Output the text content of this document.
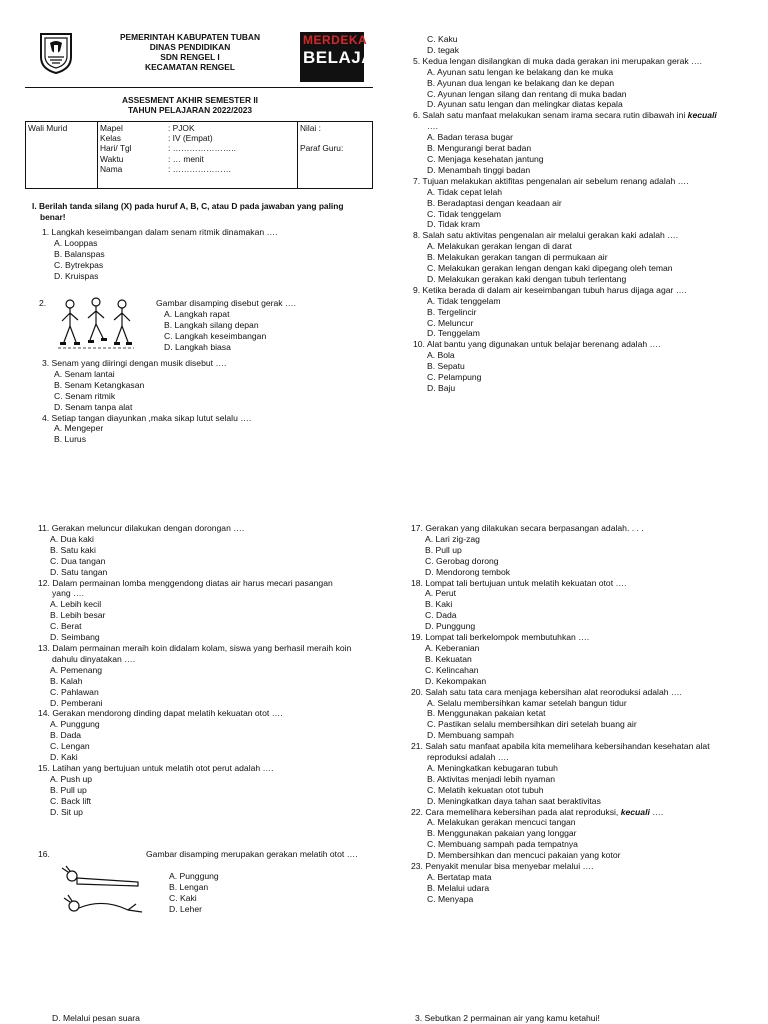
PEMERINTAH KABUPATEN TUBAN
DINAS PENDIDIKAN
SDN RENGEL I
KECAMATAN RENGEL
MERDEKA
BELAJAR
ASSESMENT AKHIR SEMESTER II
TAHUN PELAJARAN 2022/2023
Wali Murid	Mapel	: PJOK
Kelas	: IV (Empat)
Hari/ Tgl	: …………………..
Waktu	: … menit
Nama	: …………………

Nilai :
Paraf Guru:
I. Berilah tanda silang (X) pada huruf A, B, C, atau D pada jawaban yang paling
benar!
1. Langkah keseimbangan dalam senam ritmik dinamakan ….
A. Looppas
B. Balanspas
C. Bytrekpas
D. Kruispas
2.	Gambar disamping disebut gerak ….
A. Langkah rapat
B. Langkah silang depan
C. Langkah keseimbangan
D. Langkah biasa
3. Senam yang diiringi dengan musik disebut ….
A. Senam lantai
B. Senam Ketangkasan
C. Senam ritmik
D. Senam tanpa alat
4. Setiap tangan diayunkan ,maka sikap lutut selalu ….
A. Mengeper
B. Lurus
C. Kaku
D. tegak
5. Kedua lengan disilangkan di muka dada gerakan ini merupakan gerak ….
A. Ayunan satu lengan ke belakang dan ke muka
B. Ayunan dua lengan ke belakang dan ke depan
C. Ayunan lengan silang dan rentang di muka badan
D. Ayunan satu lengan dan melingkar diatas kepala
6. Salah satu manfaat melakukan senam irama secara rutin dibawah ini kecuali
….
A. Badan terasa bugar
B. Mengurangi berat badan
C. Menjaga kesehatan jantung
D. Menambah tinggi badan
7. Tujuan melakukan aktifitas pengenalan air sebelum renang adalah ….
A. Tidak cepat lelah
B. Beradaptasi dengan keadaan air
C. Tidak tenggelam
D. Tidak kram
8. Salah satu aktivitas pengenalan air melalui gerakan kaki adalah ….
A. Melakukan gerakan lengan di darat
B. Melakukan gerakan tangan di permukaan air
C. Melakukan gerakan lengan dengan kaki dipegang oleh teman
D. Melakukan gerakan kaki dengan tubuh terlentang
9. Ketika berada di dalam air keseimbangan tubuh harus dijaga agar ….
A. Tidak tenggelam
B. Tergelincir
C. Meluncur
D. Tenggelam
10. Alat bantu yang digunakan untuk belajar berenang adalah ….
A. Bola
B. Sepatu
C. Pelampung
D. Baju
11. Gerakan meluncur dilakukan dengan dorongan ….
A. Dua kaki
B. Satu kaki
C. Dua tangan
D. Satu tangan
12. Dalam permainan lomba menggendong diatas air harus mecari pasangan
yang ….
A. Lebih kecil
B. Lebih besar
C. Berat
D. Seimbang
13. Dalam permainan meraih koin didalam kolam, siswa yang berhasil meraih koin
dahulu dinyatakan ….
A. Pemenang
B. Kalah
C. Pahlawan
D. Pemberani
14. Gerakan mendorong dinding dapat melatih kekuatan otot ….
A. Punggung
B. Dada
C. Lengan
D. Kaki
15. Latihan yang bertujuan untuk melatih otot perut adalah ….
A. Push up
B. Pull up
C. Back lift
D. Sit up
16.	Gambar disamping merupakan gerakan melatih otot ….
A. Punggung
B. Lengan
C. Kaki
D. Leher
17. Gerakan yang dilakukan secara berpasangan adalah. . . .
A. Lari zig-zag
B. Pull up
C. Gerobag dorong
D. Mendorong tembok
18. Lompat tali bertujuan untuk melatih kekuatan otot ….
A. Perut
B. Kaki
C. Dada
D. Punggung
19. Lompat tali berkelompok membutuhkan ….
A. Keberanian
B. Kekuatan
C. Kelincahan
D. Kekompakan
20. Salah satu tata cara menjaga kebersihan alat reoroduksi adalah ….
A. Selalu membersihkan kamar setelah bangun tidur
B. Menggunakan pakaian ketat
C. Pastikan selalu membersihkan diri setelah buang air
D. Membuang sampah
21. Salah satu manfaat apabila kita memelihara kebersihandan kesehatan alat
reproduksi adalah ….
A. Meningkatkan kebugaran tubuh
B. Aktivitas menjadi lebih nyaman
C. Melatih kekuatan otot tubuh
D. Meningkatkan daya tahan saat beraktivitas
22. Cara memelihara kebersihan pada alat reproduksi, kecuali ….
A. Melakukan gerakan mencuci tangan
B. Menggunakan pakaian yang longgar
C. Membuang sampah pada tempatnya
D. Membersihkan dan mencuci pakaian yang kotor
23. Penyakit menular bisa menyebar melalui ….
A. Bertatap mata
B. Melalui udara
C. Menyapa
D. Melalui pesan suara	3. Sebutkan 2 permainan air yang kamu ketahui!
